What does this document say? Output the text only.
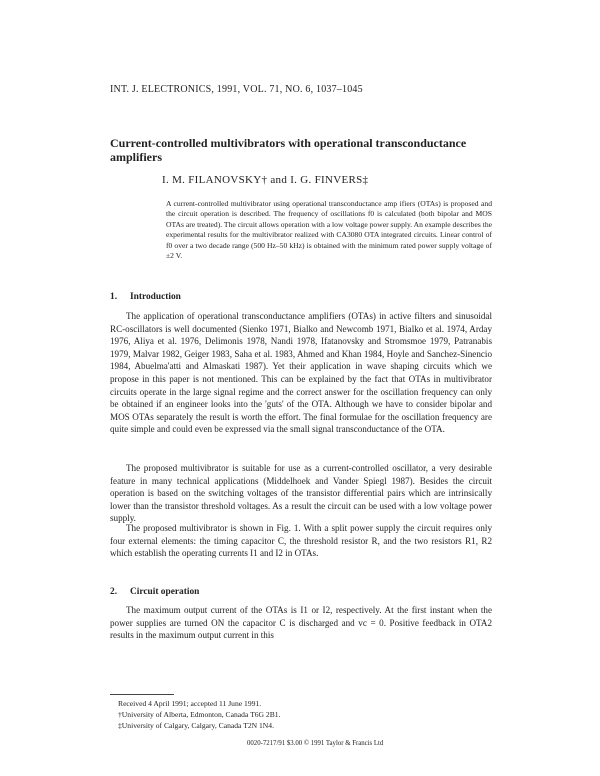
INT. J. ELECTRONICS, 1991, VOL. 71, NO. 6, 1037–1045
Current-controlled multivibrators with operational transconductance amplifiers
I. M. FILANOVSKY† and I. G. FINVERS‡
A current-controlled multivibrator using operational transconductance amp ifiers (OTAs) is proposed and the circuit operation is described. The frequency of oscillations f0 is calculated (both bipolar and MOS OTAs are treated). The circuit allows operation with a low voltage power supply. An example describes the experimental results for the multivibrator realized with CA3080 OTA integrated circuits. Linear control of f0 over a two decade range (500 Hz–50 kHz) is obtained with the minimum rated power supply voltage of ±2 V.
1. Introduction
The application of operational transconductance amplifiers (OTAs) in active filters and sinusoidal RC-oscillators is well documented (Sienko 1971, Bialko and Newcomb 1971, Bialko et al. 1974, Arday 1976, Aliya et al. 1976, Delimonis 1978, Nandi 1978, Ifatanovsky and Stromsmoe 1979, Patranabis 1979, Malvar 1982, Geiger 1983, Saha et al. 1983, Ahmed and Khan 1984, Hoyle and Sanchez-Sinencio 1984, Abuelma'atti and Almaskati 1987). Yet their application in wave shaping circuits which we propose in this paper is not mentioned. This can be explained by the fact that OTAs in multivibrator circuits operate in the large signal regime and the correct answer for the oscillation frequency can only be obtained if an engineer looks into the 'guts' of the OTA. Although we have to consider bipolar and MOS OTAs separately the result is worth the effort. The final formulae for the oscillation frequency are quite simple and could even be expressed via the small signal transconductance of the OTA.
The proposed multivibrator is suitable for use as a current-controlled oscillator, a very desirable feature in many technical applications (Middelhoek and Vander Spiegl 1987). Besides the circuit operation is based on the switching voltages of the transistor differential pairs which are intrinsically lower than the transistor threshold voltages. As a result the circuit can be used with a low voltage power supply.
The proposed multivibrator is shown in Fig. 1. With a split power supply the circuit requires only four external elements: the timing capacitor C, the threshold resistor R, and the two resistors R1, R2 which establish the operating currents I1 and I2 in OTAs.
2. Circuit operation
The maximum output current of the OTAs is I1 or I2, respectively. At the first instant when the power supplies are turned ON the capacitor C is discharged and vc = 0. Positive feedback in OTA2 results in the maximum output current in this
Received 4 April 1991; accepted 11 June 1991.
†University of Alberta, Edmonton, Canada T6G 2B1.
‡University of Calgary, Calgary, Canada T2N 1N4.
0020-7217/91 $3.00 © 1991 Taylor & Francis Ltd
